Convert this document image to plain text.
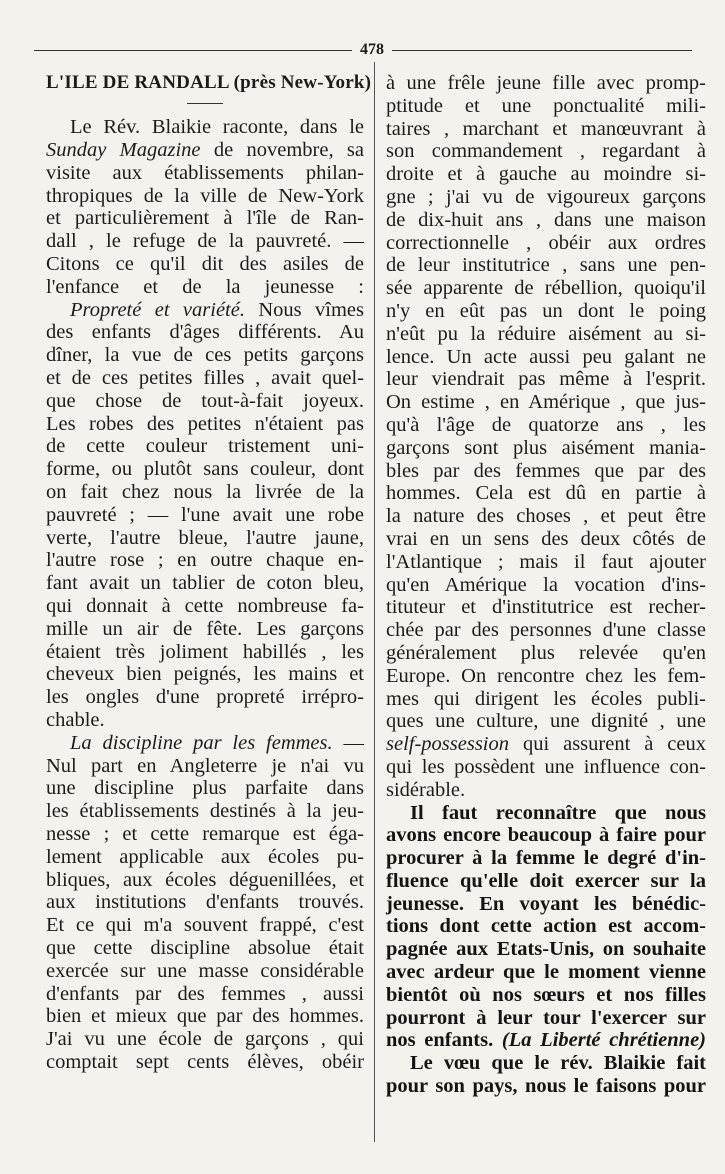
478
L'ILE DE RANDALL (près New-York)
Le Rév. Blaikie raconte, dans le
Sunday Magazine de novembre, sa
visite aux établissements philan-
thropiques de la ville de New-York
et particulièrement à l'île de Ran-
dall , le refuge de la pauvreté. —
Citons ce qu'il dit des asiles de
l'enfance et de la jeunesse :
Propreté et variété. Nous vîmes
des enfants d'âges différents. Au
dîner, la vue de ces petits garçons
et de ces petites filles , avait quel-
que chose de tout-à-fait joyeux.
Les robes des petites n'étaient pas
de cette couleur tristement uni-
forme, ou plutôt sans couleur, dont
on fait chez nous la livrée de la
pauvreté ; — l'une avait une robe
verte, l'autre bleue, l'autre jaune,
l'autre rose ; en outre chaque en-
fant avait un tablier de coton bleu,
qui donnait à cette nombreuse fa-
mille un air de fête. Les garçons
étaient très joliment habillés , les
cheveux bien peignés, les mains et
les ongles d'une propreté irrépro-
chable.
La discipline par les femmes. —
Nul part en Angleterre je n'ai vu
une discipline plus parfaite dans
les établissements destinés à la jeu-
nesse ; et cette remarque est éga-
lement applicable aux écoles pu-
bliques, aux écoles déguenillées, et
aux institutions d'enfants trouvés.
Et ce qui m'a souvent frappé, c'est
que cette discipline absolue était
exercée sur une masse considérable
d'enfants par des femmes , aussi
bien et mieux que par des hommes.
J'ai vu une école de garçons , qui
comptait sept cents élèves, obéir
à une frêle jeune fille avec promp-
ptitude et une ponctualité mili-
taires , marchant et manœuvrant à
son commandement , regardant à
droite et à gauche au moindre si-
gne ; j'ai vu de vigoureux garçons
de dix-huit ans , dans une maison
correctionnelle , obéir aux ordres
de leur institutrice , sans une pen-
sée apparente de rébellion, quoiqu'il
n'y en eût pas un dont le poing
n'eût pu la réduire aisément au si-
lence. Un acte aussi peu galant ne
leur viendrait pas même à l'esprit.
On estime , en Amérique , que jus-
qu'à l'âge de quatorze ans , les
garçons sont plus aisément mania-
bles par des femmes que par des
hommes. Cela est dû en partie à
la nature des choses , et peut être
vrai en un sens des deux côtés de
l'Atlantique ; mais il faut ajouter
qu'en Amérique la vocation d'ins-
tituteur et d'institutrice est recher-
chée par des personnes d'une classe
généralement plus relevée qu'en
Europe. On rencontre chez les fem-
mes qui dirigent les écoles publi-
ques une culture, une dignité , une
self-possession qui assurent à ceux
qui les possèdent une influence con-
sidérable.
Il faut reconnaître que nous
avons encore beaucoup à faire pour
procurer à la femme le degré d'in-
fluence qu'elle doit exercer sur la
jeunesse. En voyant les bénédic-
tions dont cette action est accom-
pagnée aux Etats-Unis, on souhaite
avec ardeur que le moment vienne
bientôt où nos sœurs et nos filles
pourront à leur tour l'exercer sur
nos enfants. (La Liberté chrétienne)
Le vœu que le rév. Blaikie fait
pour son pays, nous le faisons pour
